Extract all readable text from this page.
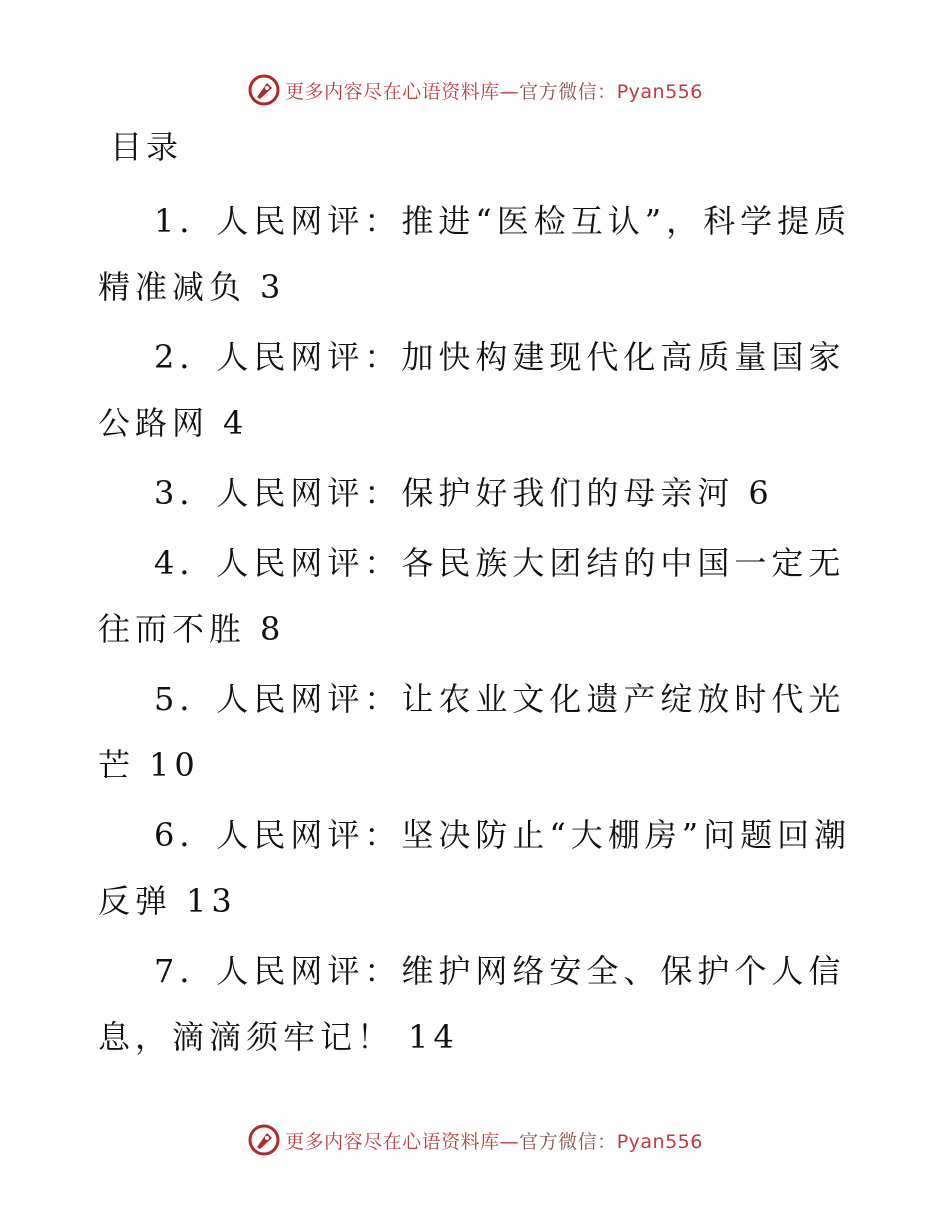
更多内容尽在心语资料库—官方微信：Pyan556
目录
1．人民网评：推进“医检互认”，科学提质精准减负 3
2．人民网评：加快构建现代化高质量国家公路网 4
3．人民网评：保护好我们的母亲河 6
4．人民网评：各民族大团结的中国一定无往而不胜 8
5．人民网评：让农业文化遗产绽放时代光芒 10
6．人民网评：坚决防止“大棚房”问题回潮反弹 13
7．人民网评：维护网络安全、保护个人信息，滴滴须牢记！ 14
更多内容尽在心语资料库—官方微信：Pyan556
